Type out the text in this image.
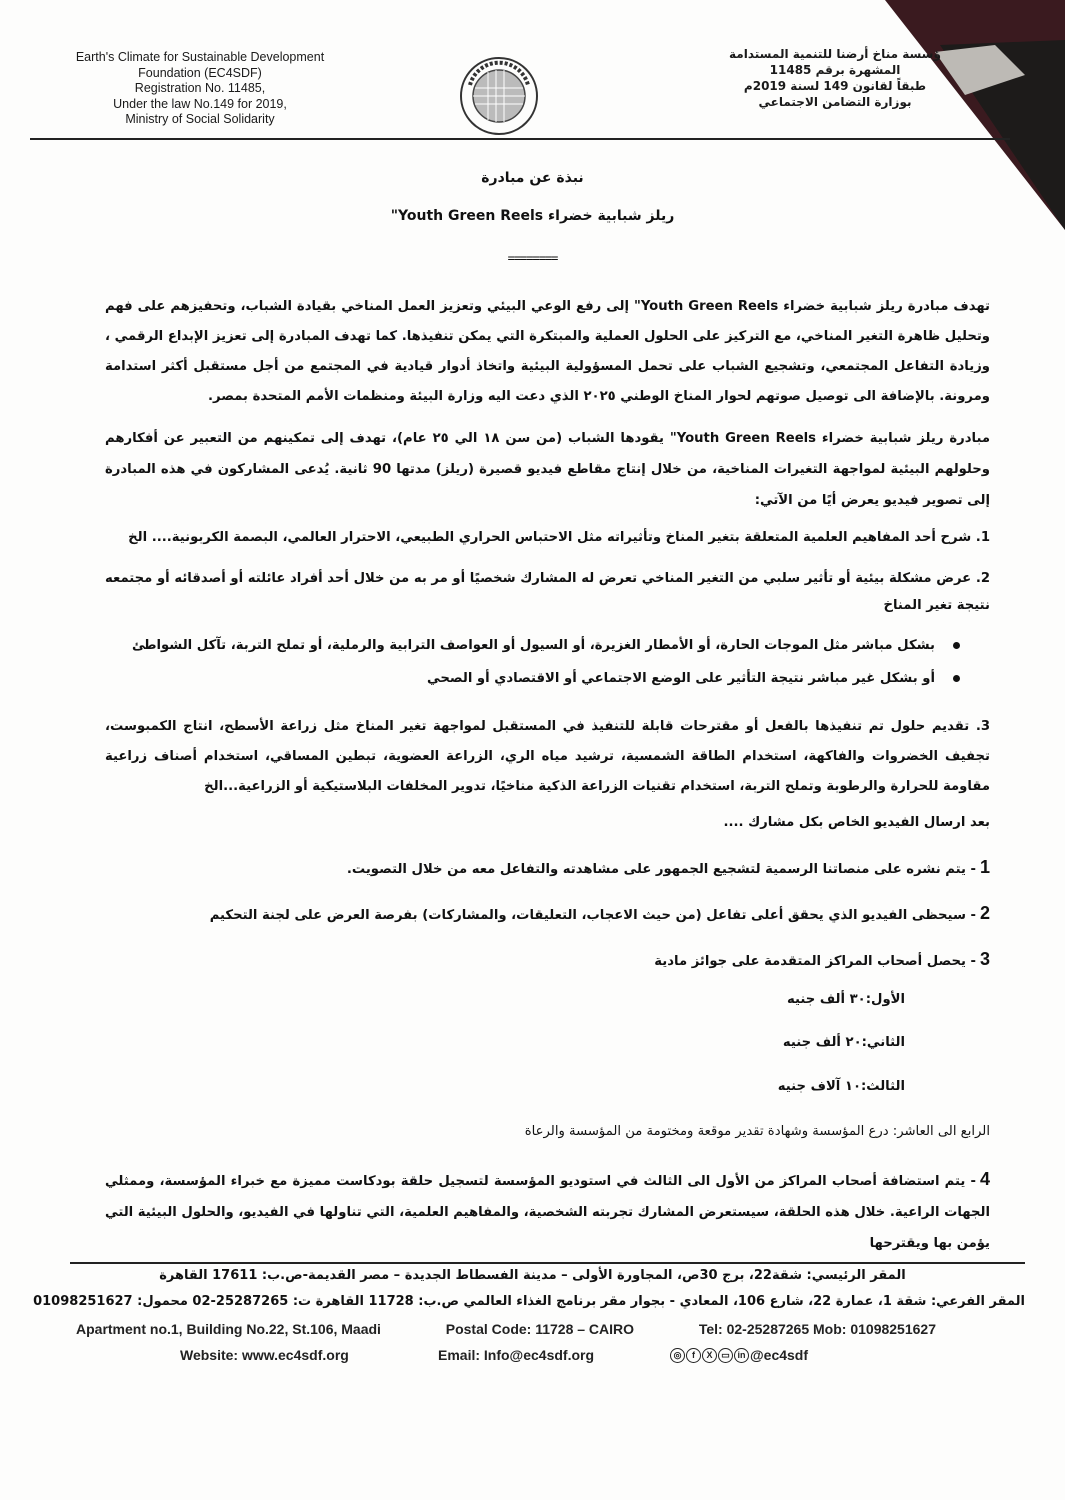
Earth's Climate for Sustainable Development
Foundation (EC4SDF)
Registration No. 11485,
Under the law No.149 for 2019,
Ministry of Social Solidarity
ؤسسة مناخ أرضنا للتنمية المستدامة
المشهرة برقم 11485
طبقاً لقانون 149 لسنة 2019م
بوزارة التضامن الاجتماعي
نبذة عن مبادرة
ريلز شبابية خضراء Youth Green Reels"
========
تهدف مبادرة ريلز شبابية خضراء Youth Green Reels" إلى رفع الوعي البيئي وتعزيز العمل المناخي بقيادة الشباب، وتحفيزهم على فهم وتحليل ظاهرة التغير المناخي، مع التركيز على الحلول العملية والمبتكرة التي يمكن تنفيذها. كما تهدف المبادرة إلى تعزيز الإبداع الرقمي ، وزيادة التفاعل المجتمعي، وتشجيع الشباب على تحمل المسؤولية البيئية واتخاذ أدوار قيادية في المجتمع من أجل مستقبل أكثر استدامة ومرونة. بالإضافة الى توصيل صوتهم لحوار المناخ الوطني ٢٠٢٥ الذي دعت اليه وزارة البيئة ومنظمات الأمم المتحدة بمصر.
مبادرة ريلز شبابية خضراء Youth Green Reels" يقودها الشباب (من سن ١٨ الي ٢٥ عام)، تهدف إلى تمكينهم من التعبير عن أفكارهم وحلولهم البيئية لمواجهة التغيرات المناخية، من خلال إنتاج مقاطع فيديو قصيرة (ريلز) مدتها 90 ثانية. يُدعى المشاركون في هذه المبادرة إلى تصوير فيديو يعرض أيًا من الآتي:
1. شرح أحد المفاهيم العلمية المتعلقة بتغير المناخ وتأثيراته مثل الاحتباس الحراري الطبيعي، الاحترار العالمي، البصمة الكربونية.... الخ
2. عرض مشكلة بيئية أو تأثير سلبي من التغير المناخي تعرض له المشارك شخصيًا أو مر به من خلال أحد أفراد عائلته أو أصدقائه أو مجتمعه نتيجة تغير المناخ
بشكل مباشر مثل الموجات الحارة، أو الأمطار الغزيرة، أو السيول أو العواصف الترابية والرملية، أو تملح التربة، تآكل الشواطئ
أو بشكل غير مباشر نتيجة التأثير على الوضع الاجتماعي أو الاقتصادي أو الصحي
3. تقديم حلول تم تنفيذها بالفعل أو مقترحات قابلة للتنفيذ في المستقبل لمواجهة تغير المناخ مثل زراعة الأسطح، انتاج الكمبوست، تجفيف الخضروات والفاكهة، استخدام الطاقة الشمسية، ترشيد مياه الري، الزراعة العضوية، تبطين المساقي، استخدام أصناف زراعية مقاومة للحرارة والرطوبة وتملح التربة، استخدام تقنيات الزراعة الذكية مناخيًا، تدوير المخلفات البلاستيكية أو الزراعية...الخ
بعد ارسال الفيديو الخاص بكل مشارك ....
1- يتم نشره على منصاتنا الرسمية لتشجيع الجمهور على مشاهدته والتفاعل معه من خلال التصويت.
2- سيحظى الفيديو الذي يحقق أعلى تفاعل (من حيث الاعجاب، التعليقات، والمشاركات) بفرصة العرض على لجنة التحكيم
3- يحصل أصحاب المراكز المتقدمة على جوائز مادية
الأول:٣٠ ألف جنيه
الثاني:٢٠ ألف جنيه
الثالث:١٠ آلاف جنيه
الرابع الى العاشر: درع المؤسسة وشهادة تقدير موقعة ومختومة من المؤسسة والرعاة
4- يتم استضافة أصحاب المراكز من الأول الى الثالث في استوديو المؤسسة لتسجيل حلقة بودكاست مميزة مع خبراء المؤسسة، وممثلي الجهات الراعية. خلال هذه الحلقة، سيستعرض المشارك تجربته الشخصية، والمفاهيم العلمية، التي تناولها في الفيديو، والحلول البيئية التي يؤمن بها ويقترحها
المقر الرئيسي: شقة22، برج 30ص، المجاورة الأولى – مدينة الفسطاط الجديدة – مصر القديمة-ص.ب: 17611 القاهرة
المقر الفرعي: شقة 1، عمارة 22، شارع 106، المعادي - بجوار مقر برنامج الغذاء العالمي ص.ب: 11728 القاهرة ت: 25287265-02 محمول: 01098251627
Apartment no.1, Building No.22, St.106, Maadi	Postal Code: 11728 – CAIRO	Tel: 02-25287265 Mob: 01098251627
Website: www.ec4sdf.org	Email: Info@ec4sdf.org	◎	f	X ▭ in @ec4sdf
